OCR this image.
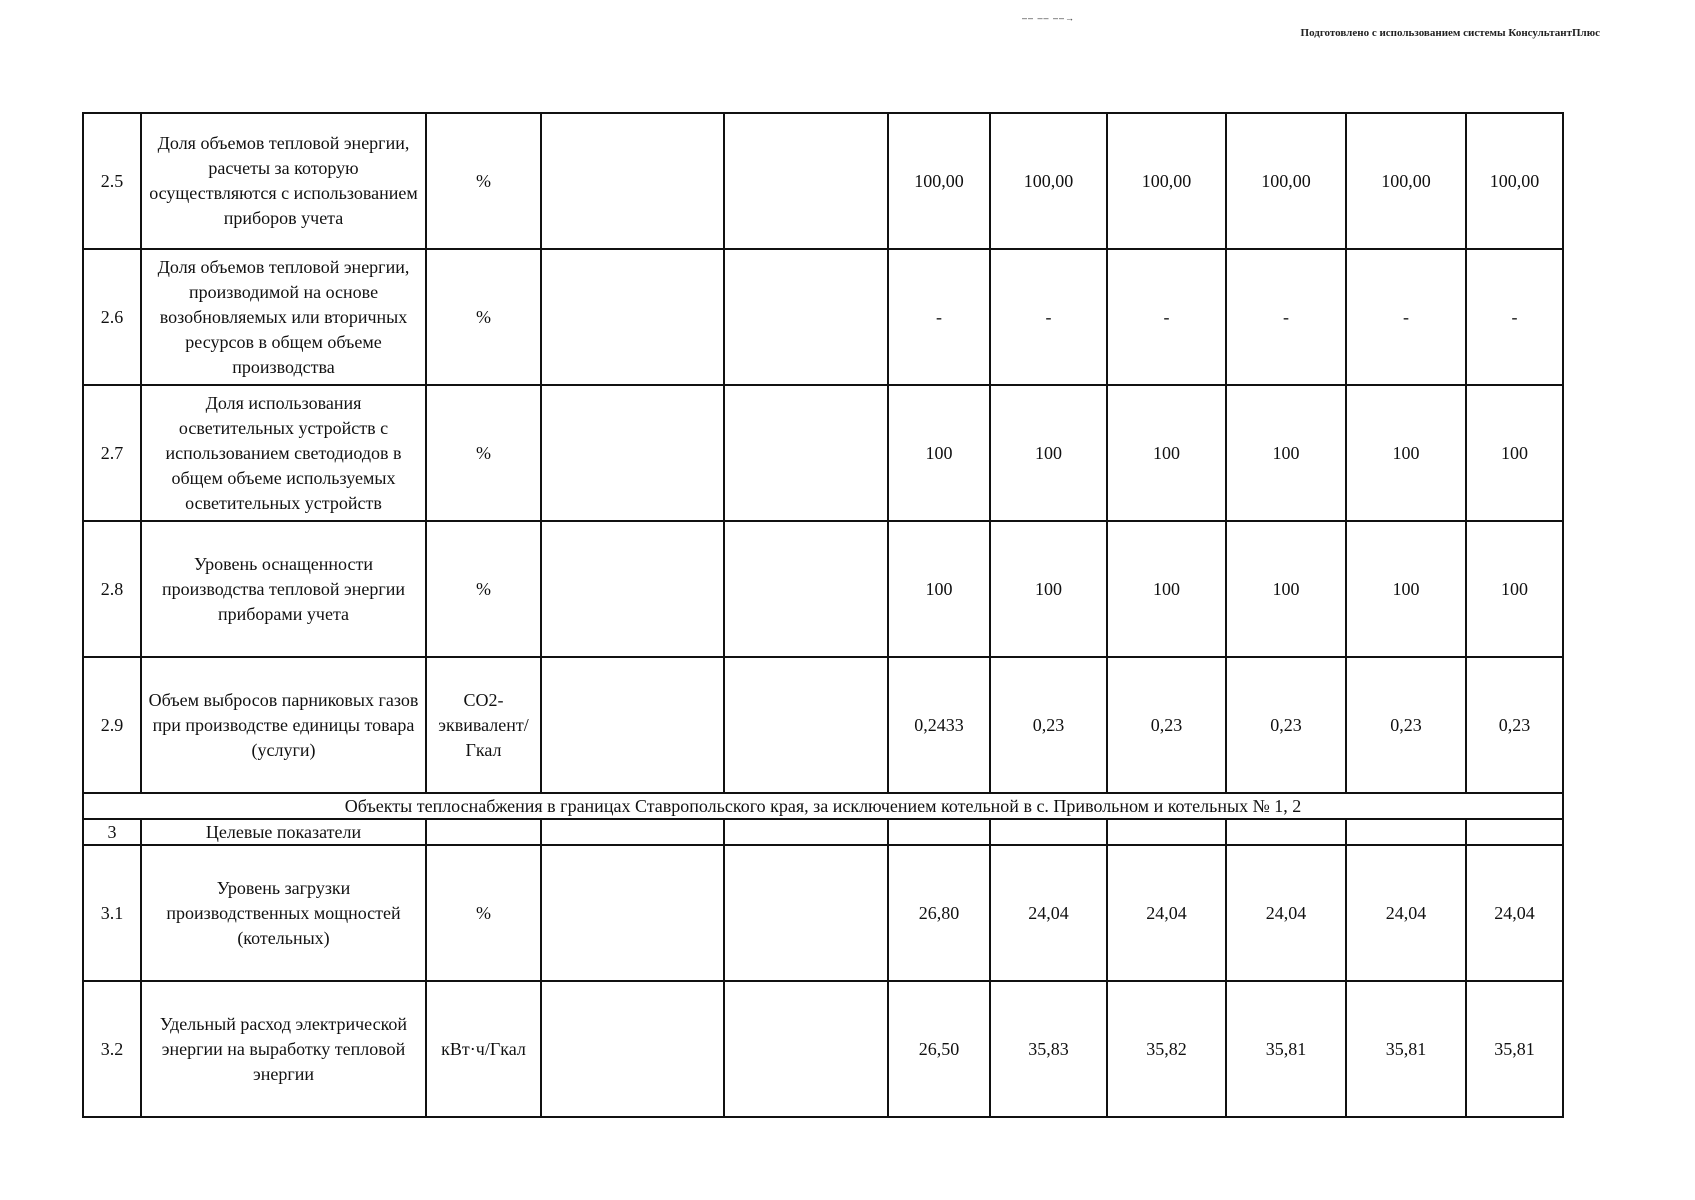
–– –– ––→
Подготовлено с использованием системы КонсультантПлюс
2.5	Доля объемов тепловой энергии, расчеты за которую осуществляются с использованием приборов учета	%			100,00	100,00	100,00	100,00	100,00	100,00
2.6	Доля объемов тепловой энергии, производимой на основе возобновляемых или вторичных ресурсов в общем объеме производства	%			-	-	-	-	-	-
2.7	Доля использования осветительных устройств с использованием светодиодов в общем объеме используемых осветительных устройств	%			100	100	100	100	100	100
2.8	Уровень оснащенности производства тепловой энергии приборами учета	%			100	100	100	100	100	100
2.9	Объем выбросов парниковых газов при производстве единицы товара (услуги)	CO2-эквивалент/ Гкал			0,2433	0,23	0,23	0,23	0,23	0,23
Объекты теплоснабжения в границах Ставропольского края, за исключением котельной в с. Привольном и котельных № 1, 2										
3	Целевые показатели									
3.1	Уровень загрузки производственных мощностей (котельных)	%			26,80	24,04	24,04	24,04	24,04	24,04
3.2	Удельный расход электрической энергии на выработку тепловой энергии	кВт·ч/Гкал			26,50	35,83	35,82	35,81	35,81	35,81
